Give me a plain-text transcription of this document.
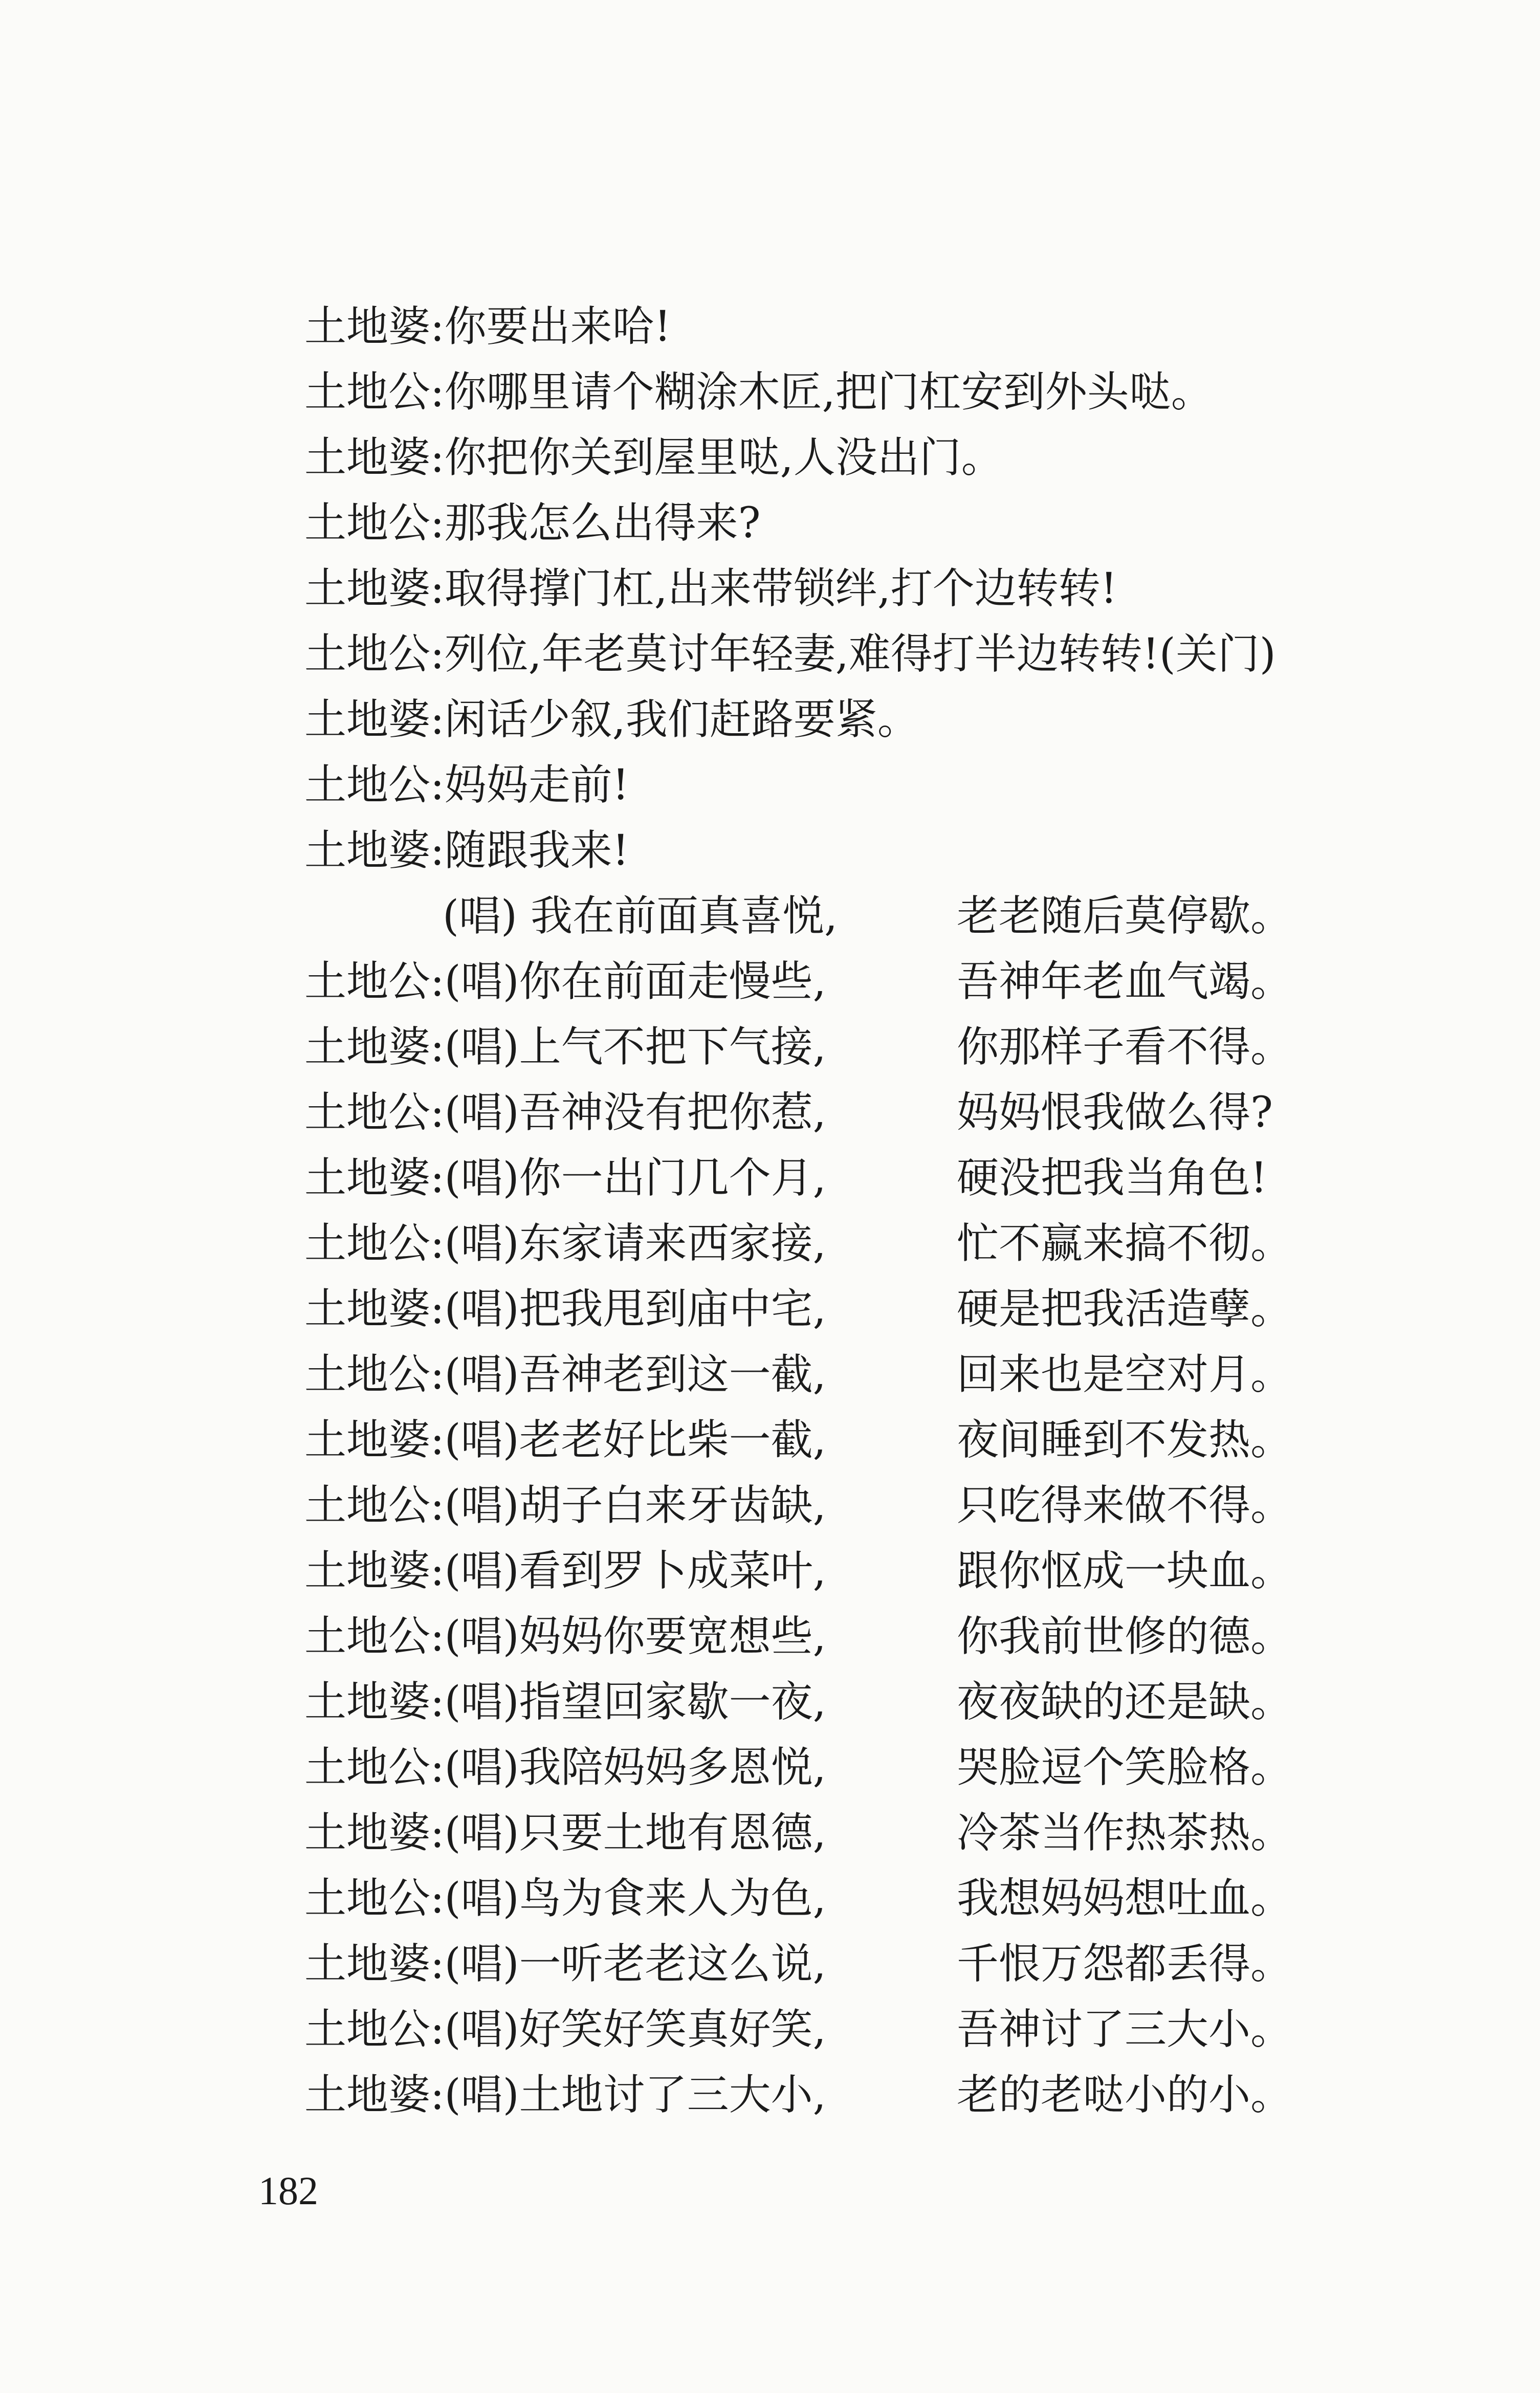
土地婆:你要出来哈!
土地公:你哪里请个糊涂木匠,把门杠安到外头哒。
土地婆:你把你关到屋里哒,人没出门。
土地公:那我怎么出得来?
土地婆:取得撑门杠,出来带锁绊,打个边转转!
土地公:列位,年老莫讨年轻妻,难得打半边转转!(关门)
土地婆:闲话少叙,我们赶路要紧。
土地公:妈妈走前!
土地婆:随跟我来!
(唱) 我在前面真喜悦,	老老随后莫停歇。
土地公:(唱)你在前面走慢些,	吾神年老血气竭。
土地婆:(唱)上气不把下气接,	你那样子看不得。
土地公:(唱)吾神没有把你惹,	妈妈恨我做么得?
土地婆:(唱)你一出门几个月,	硬没把我当角色!
土地公:(唱)东家请来西家接,	忙不赢来搞不彻。
土地婆:(唱)把我甩到庙中宅,	硬是把我活造孽。
土地公:(唱)吾神老到这一截,	回来也是空对月。
土地婆:(唱)老老好比柴一截,	夜间睡到不发热。
土地公:(唱)胡子白来牙齿缺,	只吃得来做不得。
土地婆:(唱)看到罗卜成菜叶,	跟你怄成一块血。
土地公:(唱)妈妈你要宽想些,	你我前世修的德。
土地婆:(唱)指望回家歇一夜,	夜夜缺的还是缺。
土地公:(唱)我陪妈妈多恩悦,	哭脸逗个笑脸格。
土地婆:(唱)只要土地有恩德,	冷茶当作热茶热。
土地公:(唱)鸟为食来人为色,	我想妈妈想吐血。
土地婆:(唱)一听老老这么说,	千恨万怨都丢得。
土地公:(唱)好笑好笑真好笑,	吾神讨了三大小。
土地婆:(唱)土地讨了三大小,	老的老哒小的小。
182
